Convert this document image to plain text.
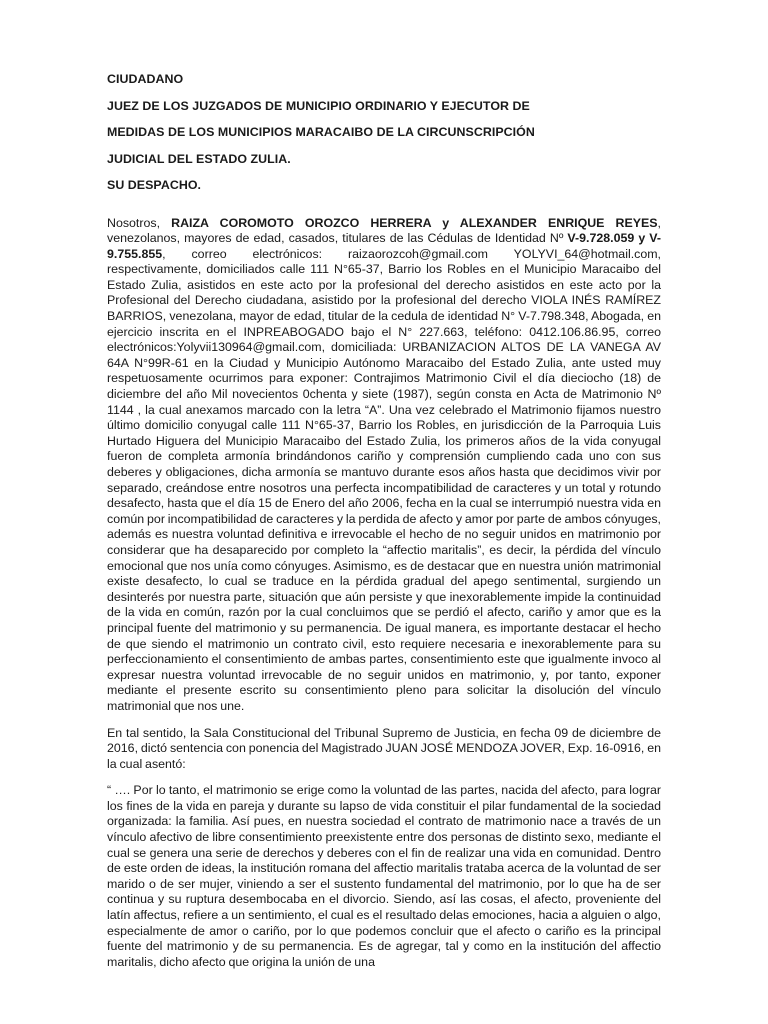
CIUDADANO
JUEZ DE LOS JUZGADOS DE MUNICIPIO ORDINARIO Y EJECUTOR DE
MEDIDAS DE LOS MUNICIPIOS MARACAIBO DE LA CIRCUNSCRIPCIÓN
JUDICIAL DEL ESTADO ZULIA.
SU DESPACHO.
Nosotros, RAIZA COROMOTO OROZCO HERRERA y ALEXANDER ENRIQUE REYES, venezolanos, mayores de edad, casados, titulares de las Cédulas de Identidad Nº V-9.728.059 y V-9.755.855, correo electrónicos: raizaorozcoh@gmail.com YOLYVI_64@hotmail.com, respectivamente, domiciliados calle 111 N°65-37, Barrio los Robles en el Municipio Maracaibo del Estado Zulia, asistidos en este acto por la profesional del derecho asistidos en este acto por la Profesional del Derecho ciudadana, asistido por la profesional del derecho VIOLA INÉS RAMÍREZ BARRIOS, venezolana, mayor de edad, titular de la cedula de identidad N° V-7.798.348, Abogada, en ejercicio inscrita en el INPREABOGADO bajo el N° 227.663, teléfono: 0412.106.86.95, correo electrónicos:Yolyvii130964@gmail.com, domiciliada: URBANIZACION ALTOS DE LA VANEGA AV 64A N°99R-61 en la Ciudad y Municipio Autónomo Maracaibo del Estado Zulia, ante usted muy respetuosamente ocurrimos para exponer: Contrajimos Matrimonio Civil el día dieciocho (18) de diciembre del año Mil novecientos 0chenta y siete (1987), según consta en Acta de Matrimonio Nº 1144 , la cual anexamos marcado con la letra “A”. Una vez celebrado el Matrimonio fijamos nuestro último domicilio conyugal calle 111 N°65-37, Barrio los Robles, en jurisdicción de la Parroquia Luis Hurtado Higuera del Municipio Maracaibo del Estado Zulia, los primeros años de la vida conyugal fueron de completa armonía brindándonos cariño y comprensión cumpliendo cada uno con sus deberes y obligaciones, dicha armonía se mantuvo durante esos años hasta que decidimos vivir por separado, creándose entre nosotros una perfecta incompatibilidad de caracteres y un total y rotundo desafecto, hasta que el día 15 de Enero del año 2006, fecha en la cual se interrumpió nuestra vida en común por incompatibilidad de caracteres y la perdida de afecto y amor por parte de ambos cónyuges, además es nuestra voluntad definitiva e irrevocable el hecho de no seguir unidos en matrimonio por considerar que ha desaparecido por completo la “affectio maritalis”, es decir, la pérdida del vínculo emocional que nos unía como cónyuges. Asimismo, es de destacar que en nuestra unión matrimonial existe desafecto, lo cual se traduce en la pérdida gradual del apego sentimental, surgiendo un desinterés por nuestra parte, situación que aún persiste y que inexorablemente impide la continuidad de la vida en común, razón por la cual concluimos que se perdió el afecto, cariño y amor que es la principal fuente del matrimonio y su permanencia. De igual manera, es importante destacar el hecho de que siendo el matrimonio un contrato civil, esto requiere necesaria e inexorablemente para su perfeccionamiento el consentimiento de ambas partes, consentimiento este que igualmente invoco al expresar nuestra voluntad irrevocable de no seguir unidos en matrimonio, y, por tanto, exponer mediante el presente escrito su consentimiento pleno para solicitar la disolución del vínculo matrimonial que nos une.
En tal sentido, la Sala Constitucional del Tribunal Supremo de Justicia, en fecha 09 de diciembre de 2016, dictó sentencia con ponencia del Magistrado JUAN JOSÉ MENDOZA JOVER, Exp. 16-0916, en la cual asentó:
“ …. Por lo tanto, el matrimonio se erige como la voluntad de las partes, nacida del afecto, para lograr los fines de la vida en pareja y durante su lapso de vida constituir el pilar fundamental de la sociedad organizada: la familia. Así pues, en nuestra sociedad el contrato de matrimonio nace a través de un vínculo afectivo de libre consentimiento preexistente entre dos personas de distinto sexo, mediante el cual se genera una serie de derechos y deberes con el fin de realizar una vida en comunidad. Dentro de este orden de ideas, la institución romana del affectio maritalis trataba acerca de la voluntad de ser marido o de ser mujer, viniendo a ser el sustento fundamental del matrimonio, por lo que ha de ser continua y su ruptura desembocaba en el divorcio. Siendo, así las cosas, el afecto, proveniente del latín affectus, refiere a un sentimiento, el cual es el resultado delas emociones, hacia a alguien o algo, especialmente de amor o cariño, por lo que podemos concluir que el afecto o cariño es la principal fuente del matrimonio y de su permanencia. Es de agregar, tal y como en la institución del affectio maritalis, dicho afecto que origina la unión de una
